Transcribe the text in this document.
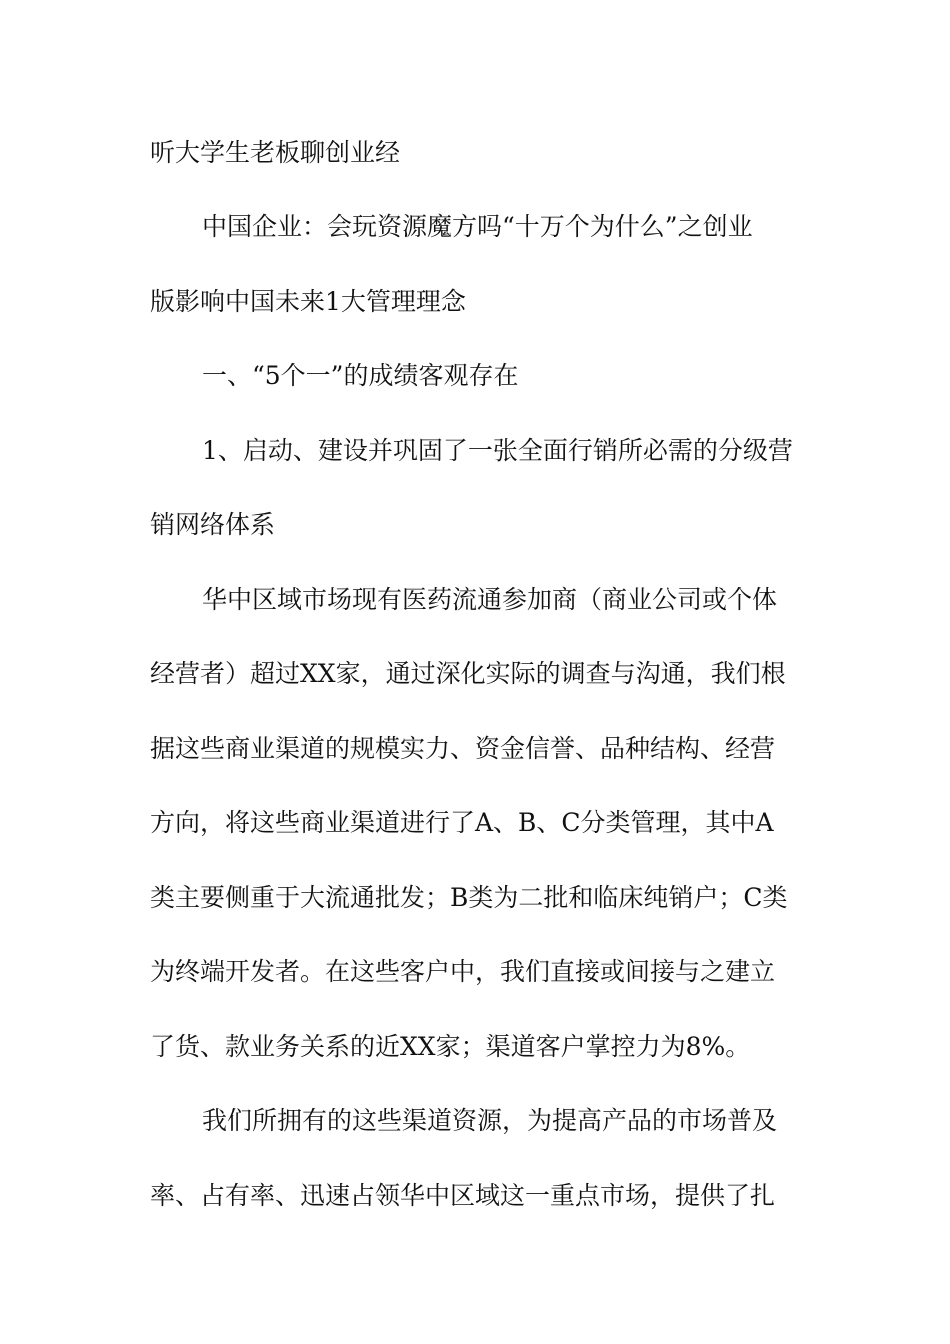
听大学生老板聊创业经
中国企业：会玩资源魔方吗“十万个为什么”之创业
版影响中国未来1大管理理念
一、“5个一”的成绩客观存在
1、启动、建设并巩固了一张全面行销所必需的分级营
销网络体系
华中区域市场现有医药流通参加商（商业公司或个体
经营者）超过XX家，通过深化实际的调查与沟通，我们根
据这些商业渠道的规模实力、资金信誉、品种结构、经营
方向，将这些商业渠道进行了A、B、C分类管理，其中A
类主要侧重于大流通批发；B类为二批和临床纯销户；C类
为终端开发者。在这些客户中，我们直接或间接与之建立
了货、款业务关系的近XX家；渠道客户掌控力为8%。
我们所拥有的这些渠道资源，为提高产品的市场普及
率、占有率、迅速占领华中区域这一重点市场，提供了扎
